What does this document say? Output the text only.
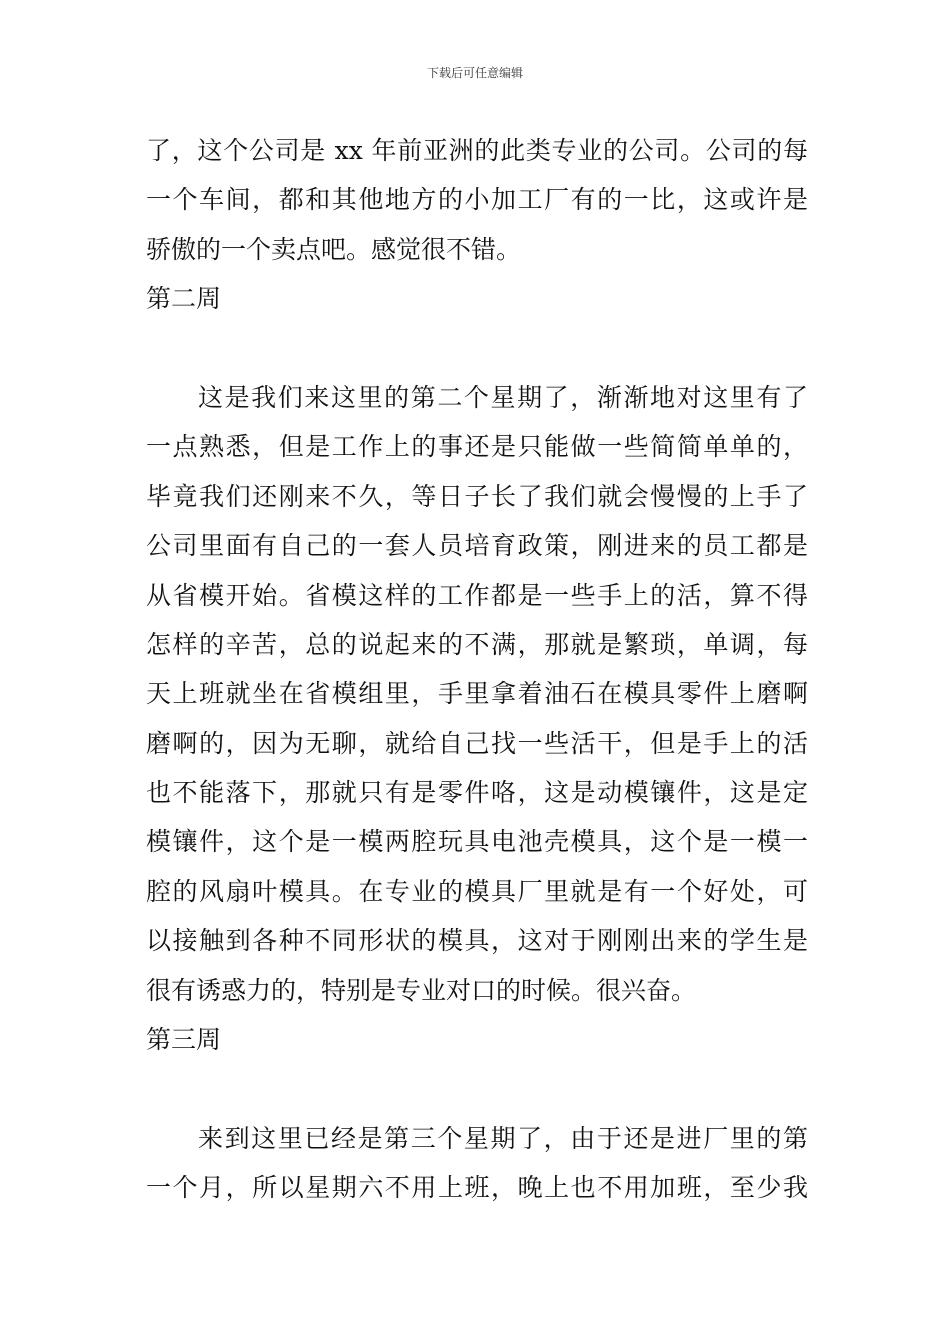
下载后可任意编辑
了，这个公司是 xx 年前亚洲的此类专业的公司。公司的每
一个车间，都和其他地方的小加工厂有的一比，这或许是
骄傲的一个卖点吧。感觉很不错。
第二周
这是我们来这里的第二个星期了，渐渐地对这里有了
一点熟悉，但是工作上的事还是只能做一些简简单单的，
毕竟我们还刚来不久，等日子长了我们就会慢慢的上手了
公司里面有自己的一套人员培育政策，刚进来的员工都是
从省模开始。省模这样的工作都是一些手上的活，算不得
怎样的辛苦，总的说起来的不满，那就是繁琐，单调，每
天上班就坐在省模组里，手里拿着油石在模具零件上磨啊
磨啊的，因为无聊，就给自己找一些活干，但是手上的活
也不能落下，那就只有是零件咯，这是动模镶件，这是定
模镶件，这个是一模两腔玩具电池壳模具，这个是一模一
腔的风扇叶模具。在专业的模具厂里就是有一个好处，可
以接触到各种不同形状的模具，这对于刚刚出来的学生是
很有诱惑力的，特别是专业对口的时候。很兴奋。
第三周
来到这里已经是第三个星期了，由于还是进厂里的第
一个月，所以星期六不用上班，晚上也不用加班，至少我
